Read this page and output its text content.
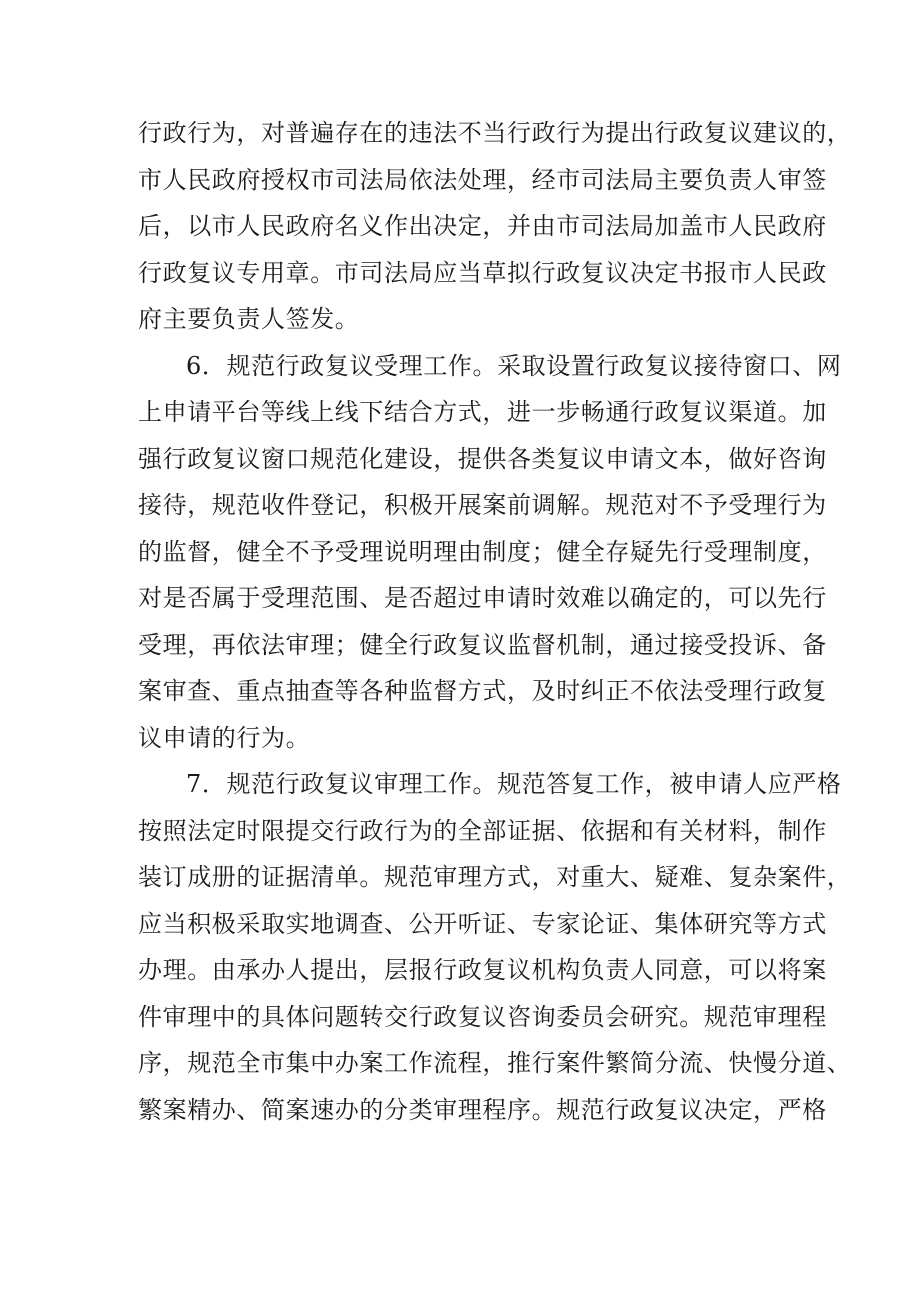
行政行为，对普遍存在的违法不当行政行为提出行政复议建议的，
市人民政府授权市司法局依法处理，经市司法局主要负责人审签
后，以市人民政府名义作出决定，并由市司法局加盖市人民政府
行政复议专用章。市司法局应当草拟行政复议决定书报市人民政
府主要负责人签发。

6．规范行政复议受理工作。采取设置行政复议接待窗口、网
上申请平台等线上线下结合方式，进一步畅通行政复议渠道。加
强行政复议窗口规范化建设，提供各类复议申请文本，做好咨询
接待，规范收件登记，积极开展案前调解。规范对不予受理行为
的监督，健全不予受理说明理由制度；健全存疑先行受理制度，
对是否属于受理范围、是否超过申请时效难以确定的，可以先行
受理，再依法审理；健全行政复议监督机制，通过接受投诉、备
案审查、重点抽查等各种监督方式，及时纠正不依法受理行政复
议申请的行为。

7．规范行政复议审理工作。规范答复工作，被申请人应严格
按照法定时限提交行政行为的全部证据、依据和有关材料，制作
装订成册的证据清单。规范审理方式，对重大、疑难、复杂案件，
应当积极采取实地调查、公开听证、专家论证、集体研究等方式
办理。由承办人提出，层报行政复议机构负责人同意，可以将案
件审理中的具体问题转交行政复议咨询委员会研究。规范审理程
序，规范全市集中办案工作流程，推行案件繁简分流、快慢分道、
繁案精办、简案速办的分类审理程序。规范行政复议决定，严格
